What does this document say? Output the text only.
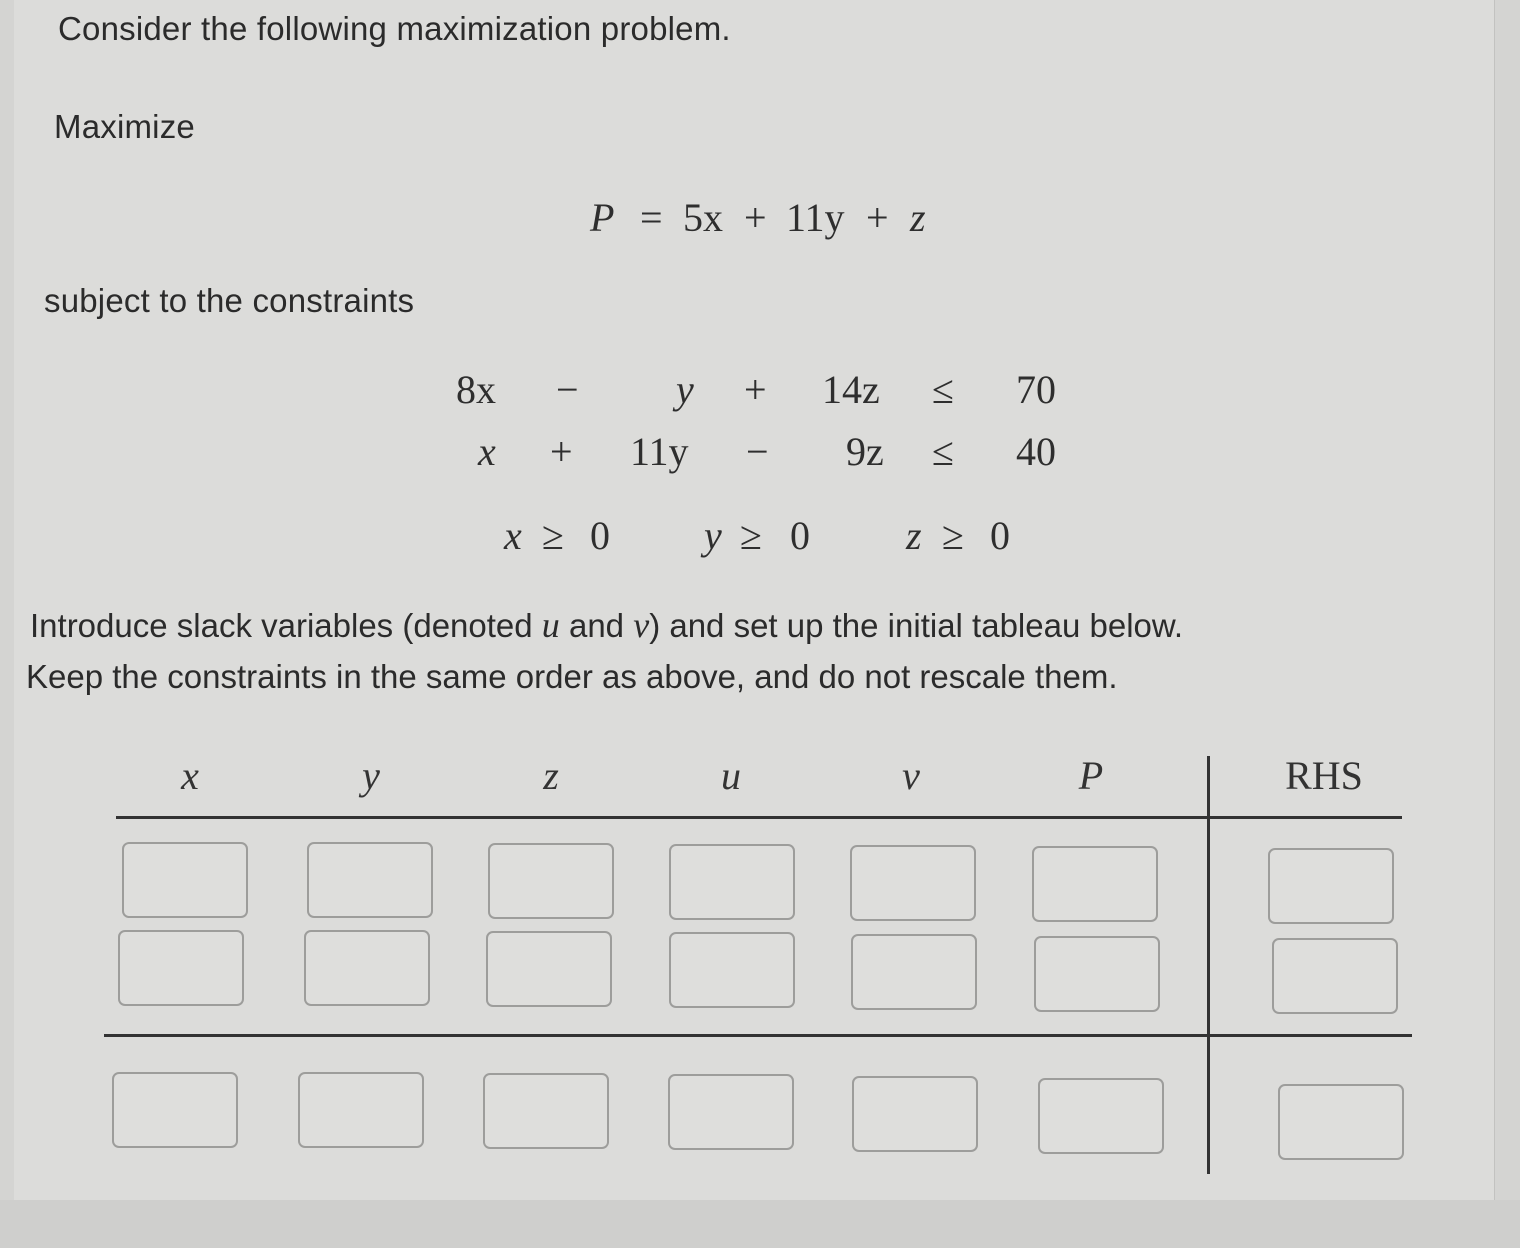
Consider the following maximization problem.
Maximize
P = 5x + 11y + z
subject to the constraints
8x − y + 14z ≤ 70
x + 11y − 9z ≤ 40
x ≥ 0 y ≥ 0 z ≥ 0
Introduce slack variables (denoted u and v) and set up the initial tableau below.
Keep the constraints in the same order as above, and do not rescale them.
x	y	z	u	v	P	RHS
